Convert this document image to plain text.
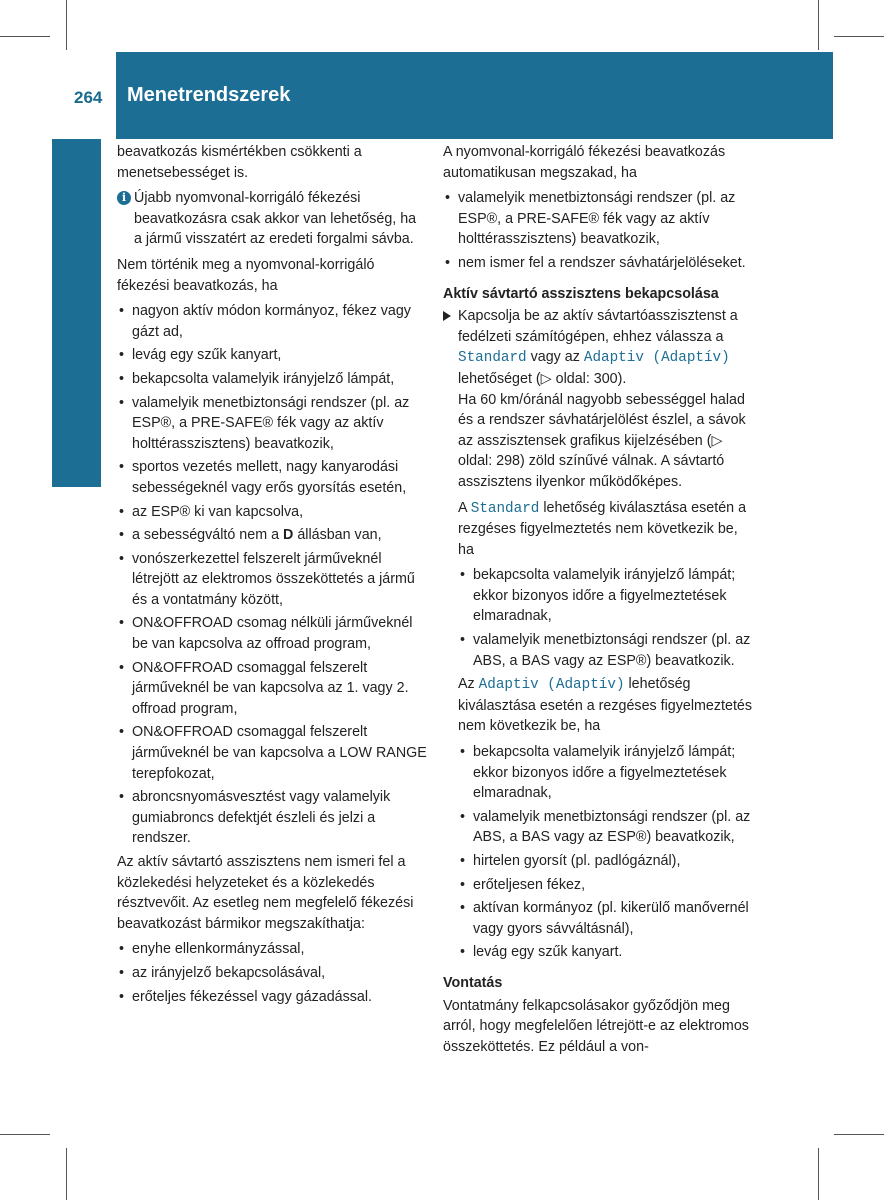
264 Menetrendszerek
Vezetés és parkolás

beavatkozás kismértékben csökkenti a menetsebességet is.

i Újabb nyomvonal-korrigáló fékezési beavatkozásra csak akkor van lehetőség, ha a jármű visszatért az eredeti forgalmi sávba.

Nem történik meg a nyomvonal-korrigáló fékezési beavatkozás, ha

• nagyon aktív módon kormányoz, fékez vagy gázt ad,
• levág egy szűk kanyart,
• bekapcsolta valamelyik irányjelző lámpát,
• valamelyik menetbiztonsági rendszer (pl. az ESP®, a PRE-SAFE® fék vagy az aktív holttérasszisztens) beavatkozik,
• sportos vezetés mellett, nagy kanyarodási sebességeknél vagy erős gyorsítás esetén,
• az ESP® ki van kapcsolva,
• a sebességváltó nem a D állásban van,
• vonószerkezettel felszerelt járműveknél létrejött az elektromos összeköttetés a jármű és a vontatmány között,
• ON&OFFROAD csomag nélküli járműveknél be van kapcsolva az offroad program,
• ON&OFFROAD csomaggal felszerelt járműveknél be van kapcsolva az 1. vagy 2. offroad program,
• ON&OFFROAD csomaggal felszerelt járműveknél be van kapcsolva a LOW RANGE terepfokozat,
• abroncsnyomásvesztést vagy valamelyik gumiabroncs defektjét észleli és jelzi a rendszer.

Az aktív sávtartó asszisztens nem ismeri fel a közlekedési helyzeteket és a közlekedés résztvevőit. Az esetleg nem megfelelő fékezési beavatkozást bármikor megszakíthatja:

• enyhe ellenkormányzással,
• az irányjelző bekapcsolásával,
• erőteljes fékezéssel vagy gázadással.

A nyomvonal-korrigáló fékezési beavatkozás automatikusan megszakad, ha

• valamelyik menetbiztonsági rendszer (pl. az ESP®, a PRE-SAFE® fék vagy az aktív holttérasszisztens) beavatkozik,
• nem ismer fel a rendszer sávhatárjelöléseket.
Aktív sávtartó asszisztens bekapcsolása
Kapcsolja be az aktív sávtartóasszisztenst a fedélzeti számítógépen, ehhez válassza a Standard vagy az Adaptiv (Adaptív) lehetőséget (▷ oldal: 300).

Ha 60 km/óránál nagyobb sebességgel halad és a rendszer sávhatárjelölést észlel, a sávok az asszisztensek grafikus kijelzésében (▷ oldal: 298) zöld színűvé válnak. A sávtartó asszisztens ilyenkor működőképes.

A Standard lehetőség kiválasztása esetén a rezgéses figyelmeztetés nem következik be, ha

• bekapcsolta valamelyik irányjelző lámpát; ekkor bizonyos időre a figyelmeztetések elmaradnak,
• valamelyik menetbiztonsági rendszer (pl. az ABS, a BAS vagy az ESP®) beavatkozik.

Az Adaptiv (Adaptív) lehetőség kiválasztása esetén a rezgéses figyelmeztetés nem következik be, ha

• bekapcsolta valamelyik irányjelző lámpát; ekkor bizonyos időre a figyelmeztetések elmaradnak,
• valamelyik menetbiztonsági rendszer (pl. az ABS, a BAS vagy az ESP®) beavatkozik,
• hirtelen gyorsít (pl. padlógáznál),
• erőteljesen fékez,
• aktívan kormányoz (pl. kikerülő manővernél vagy gyors sávváltásnál),
• levág egy szűk kanyart.
Vontatás

Vontatmány felkapcsolásakor győződjön meg arról, hogy megfelelően létrejött-e az elektromos összeköttetés. Ez például a von-
